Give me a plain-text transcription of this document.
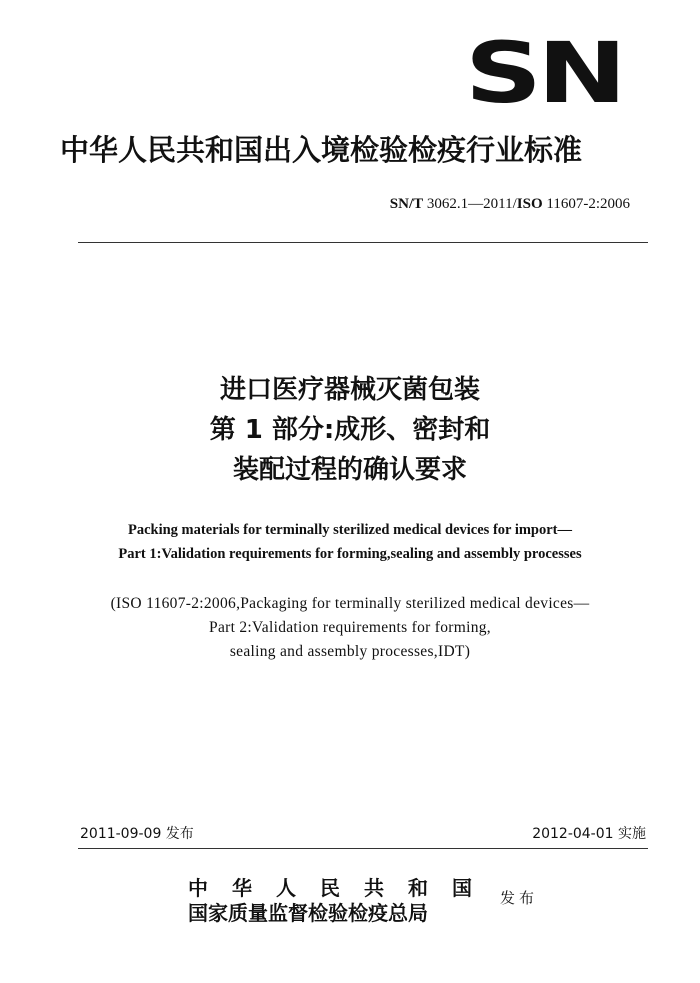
SN
中华人民共和国出入境检验检疫行业标准
SN/T 3062.1—2011/ISO 11607-2:2006
进口医疗器械灭菌包装
第 1 部分:成形、密封和
装配过程的确认要求
Packing materials for terminally sterilized medical devices for import—
Part 1:Validation requirements for forming,sealing and assembly processes
(ISO 11607-2:2006,Packaging for terminally sterilized medical devices—
Part 2:Validation requirements for forming,
sealing and assembly processes,IDT)
2011-09-09 发布	2012-04-01 实施
中华人民共和国
国家质量监督检验检疫总局
发布
